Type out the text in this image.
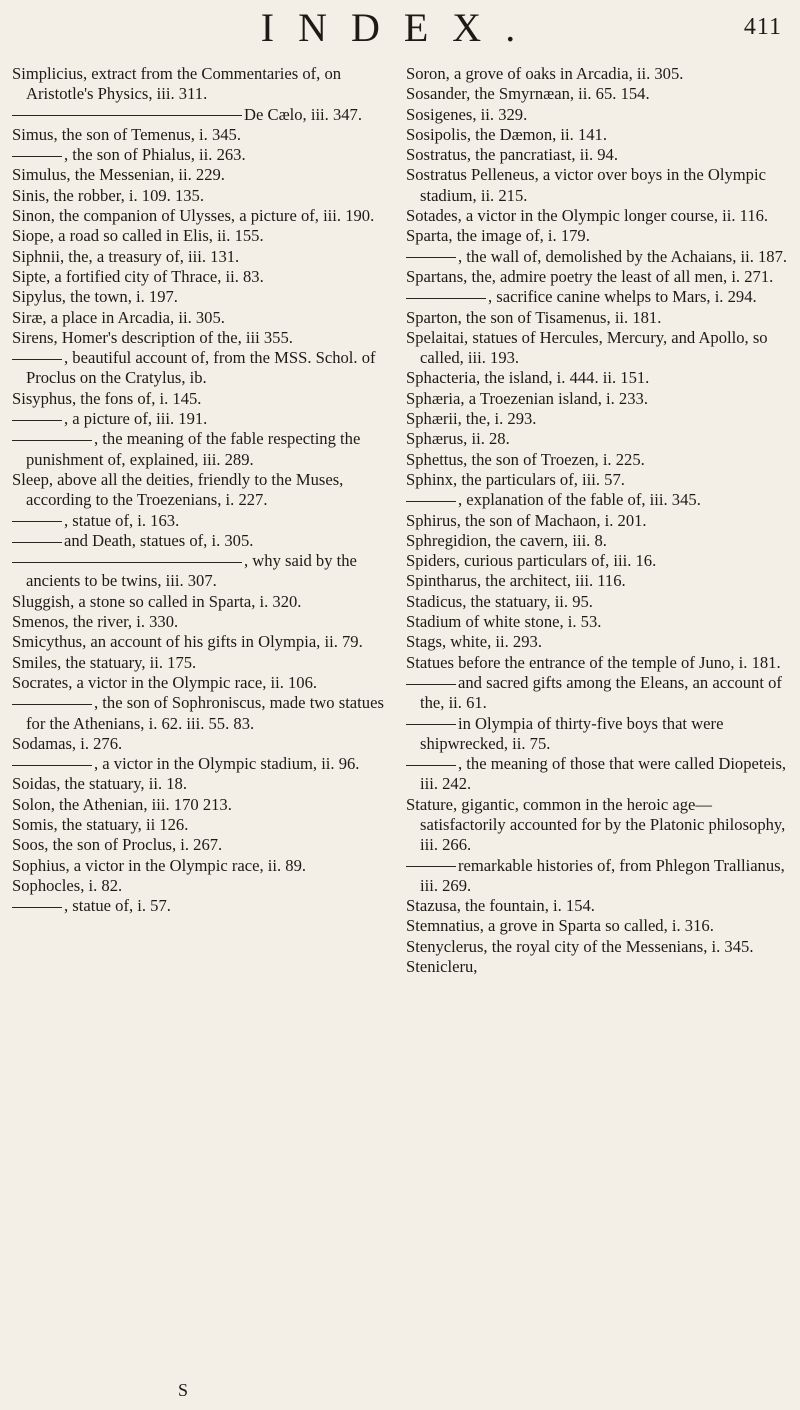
INDEX.	411

Simplicius, extract from the Commentaries of, on Aristotle's Physics, iii. 311.

De Cælo, iii. 347.

Simus, the son of Temenus, i. 345.

, the son of Phialus, ii. 263.

Simulus, the Messenian, ii. 229.

Sinis, the robber, i. 109. 135.

Sinon, the companion of Ulysses, a picture of, iii. 190.

Siope, a road so called in Elis, ii. 155.

Siphnii, the, a treasury of, iii. 131.

Sipte, a fortified city of Thrace, ii. 83.

Sipylus, the town, i. 197.

Siræ, a place in Arcadia, ii. 305.

Sirens, Homer's description of the, iii 355.

, beautiful account of, from the MSS. Schol. of Proclus on the Cratylus, ib.

Sisyphus, the fons of, i. 145.

, a picture of, iii. 191.

, the meaning of the fable respecting the punishment of, explained, iii. 289.

Sleep, above all the deities, friendly to the Muses, according to the Troezenians, i. 227.

, statue of, i. 163.

and Death, statues of, i. 305.

, why said by the ancients to be twins, iii. 307.

Sluggish, a stone so called in Sparta, i. 320.

Smenos, the river, i. 330.

Smicythus, an account of his gifts in Olympia, ii. 79.

Smiles, the statuary, ii. 175.

Socrates, a victor in the Olympic race, ii. 106.

, the son of Sophroniscus, made two statues for the Athenians, i. 62. iii. 55. 83.

Sodamas, i. 276.

, a victor in the Olympic stadium, ii. 96.

Soidas, the statuary, ii. 18.

Solon, the Athenian, iii. 170 213.

Somis, the statuary, ii 126.

Soos, the son of Proclus, i. 267.

Sophius, a victor in the Olympic race, ii. 89.

Sophocles, i. 82.

, statue of, i. 57.

Soron, a grove of oaks in Arcadia, ii. 305.

Sosander, the Smyrnæan, ii. 65. 154.

Sosigenes, ii. 329.

Sosipolis, the Dæmon, ii. 141.

Sostratus, the pancratiast, ii. 94.

Sostratus Pelleneus, a victor over boys in the Olympic stadium, ii. 215.

Sotades, a victor in the Olympic longer course, ii. 116.

Sparta, the image of, i. 179.

, the wall of, demolished by the Achaians, ii. 187.

Spartans, the, admire poetry the least of all men, i. 271.

, sacrifice canine whelps to Mars, i. 294.

Sparton, the son of Tisamenus, ii. 181.

Spelaitai, statues of Hercules, Mercury, and Apollo, so called, iii. 193.

Sphacteria, the island, i. 444. ii. 151.

Sphæria, a Troezenian island, i. 233.

Sphærii, the, i. 293.

Sphærus, ii. 28.

Sphettus, the son of Troezen, i. 225.

Sphinx, the particulars of, iii. 57.

, explanation of the fable of, iii. 345.

Sphirus, the son of Machaon, i. 201.

Sphregidion, the cavern, iii. 8.

Spiders, curious particulars of, iii. 16.

Spintharus, the architect, iii. 116.

Stadicus, the statuary, ii. 95.

Stadium of white stone, i. 53.

Stags, white, ii. 293.

Statues before the entrance of the temple of Juno, i. 181.

and sacred gifts among the Eleans, an account of the, ii. 61.

in Olympia of thirty-five boys that were shipwrecked, ii. 75.

, the meaning of those that were called Diopeteis, iii. 242.

Stature, gigantic, common in the heroic age—satisfactorily accounted for by the Platonic philosophy, iii. 266.

remarkable histories of, from Phlegon Trallianus, iii. 269.

Stazusa, the fountain, i. 154.

Stemnatius, a grove in Sparta so called, i. 316.

Stenyclerus, the royal city of the Messenians, i. 345.

Stenicleru,

S
